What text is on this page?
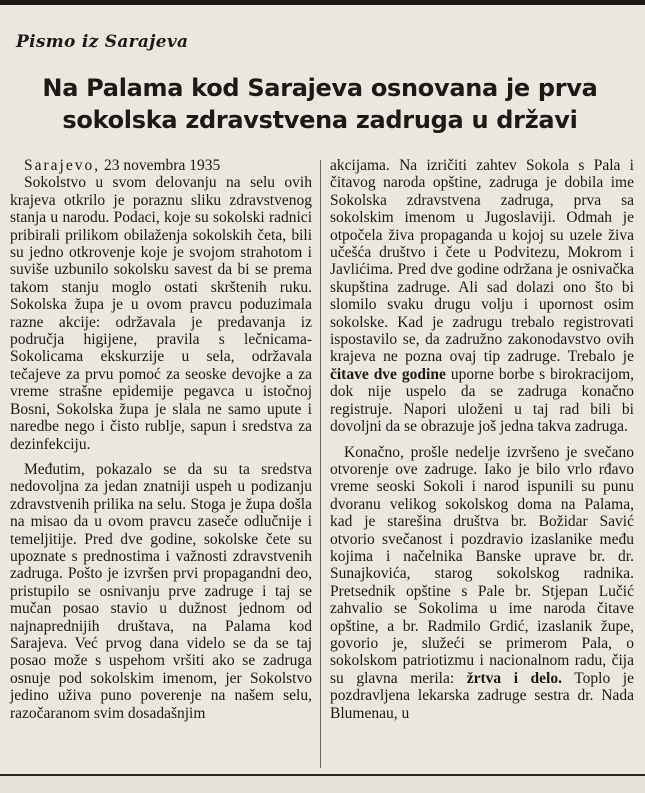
Pismo iz Sarajeva
Na Palama kod Sarajeva osnovana je prva sokolska zdravstvena zadruga u državi

Sarajevo, 23 novembra 1935

Sokolstvo u svom delovanju na selu ovih krajeva otkrilo je poraznu sliku zdravstvenog stanja u narodu. Podaci, koje su sokolski radnici pribirali prilikom obilaženja sokolskih četa, bili su jedno otkrovenje koje je svojom strahotom i suviše uzbunilo sokolsku savest da bi se prema takom stanju moglo ostati skrštenih ruku. Sokolska župa je u ovom pravcu poduzimala razne akcije: održavala je predavanja iz područja higijene, pravila s lečnicama-Sokolicama ekskurzije u sela, održavala tečajeve za prvu pomoć za seoske devojke a za vreme strašne epidemije pegavca u istočnoj Bosni, Sokolska župa je slala ne samo upute i naredbe nego i čisto rublje, sapun i sredstva za dezinfekciju.

Međutim, pokazalo se da su ta sredstva nedovoljna za jedan znatniji uspeh u podizanju zdravstvenih prilika na selu. Stoga je župa došla na misao da u ovom pravcu zaseče odlučnije i temeljitije. Pred dve godine, sokolske čete su upoznate s prednostima i važnosti zdravstvenih zadruga. Pošto je izvršen prvi propagandni deo, pristupilo se osnivanju prve zadruge i taj se mučan posao stavio u dužnost jednom od najnaprednijih društava, na Palama kod Sarajeva. Već prvog dana videlo se da se taj posao može s uspehom vršiti ako se zadruga osnuje pod sokolskim imenom, jer Sokolstvo jedino uživa puno poverenje na našem selu, razočaranom svim dosadašnjim

akcijama. Na izričiti zahtev Sokola s Pala i čitavog naroda opštine, zadruga je dobila ime Sokolska zdravstvena zadruga, prva sa sokolskim imenom u Jugoslaviji. Odmah je otpočela živa propaganda u kojoj su uzele živa učešća društvo i čete u Podvitezu, Mokrom i Javlićima. Pred dve godine održana je osnivačka skupština zadruge. Ali sad dolazi ono što bi slomilo svaku drugu volju i upornost osim sokolske. Kad je zadrugu trebalo registrovati ispostavilo se, da zadružno zakonodavstvo ovih krajeva ne pozna ovaj tip zadruge. Trebalo je čitave dve godine uporne borbe s birokracijom, dok nije uspelo da se zadruga konačno registruje. Napori uloženi u taj rad bili bi dovoljni da se obrazuje još jedna takva zadruga.

Konačno, prošle nedelje izvršeno je svečano otvorenje ove zadruge. Iako je bilo vrlo rđavo vreme seoski Sokoli i narod ispunili su punu dvoranu velikog sokolskog doma na Palama, kad je starešina društva br. Božidar Savić otvorio svečanost i pozdravio izaslanike među kojima i načelnika Banske uprave br. dr. Sunajkovića, starog sokolskog radnika. Pretsednik opštine s Pale br. Stjepan Lučić zahvalio se Sokolima u ime naroda čitave opštine, a br. Radmilo Grdić, izaslanik župe, govorio je, služeći se primerom Pala, o sokolskom patriotizmu i nacionalnom radu, čija su glavna merila: žrtva i delo. Toplo je pozdravljena lekarska zadruge sestra dr. Nada Blumenau, u
